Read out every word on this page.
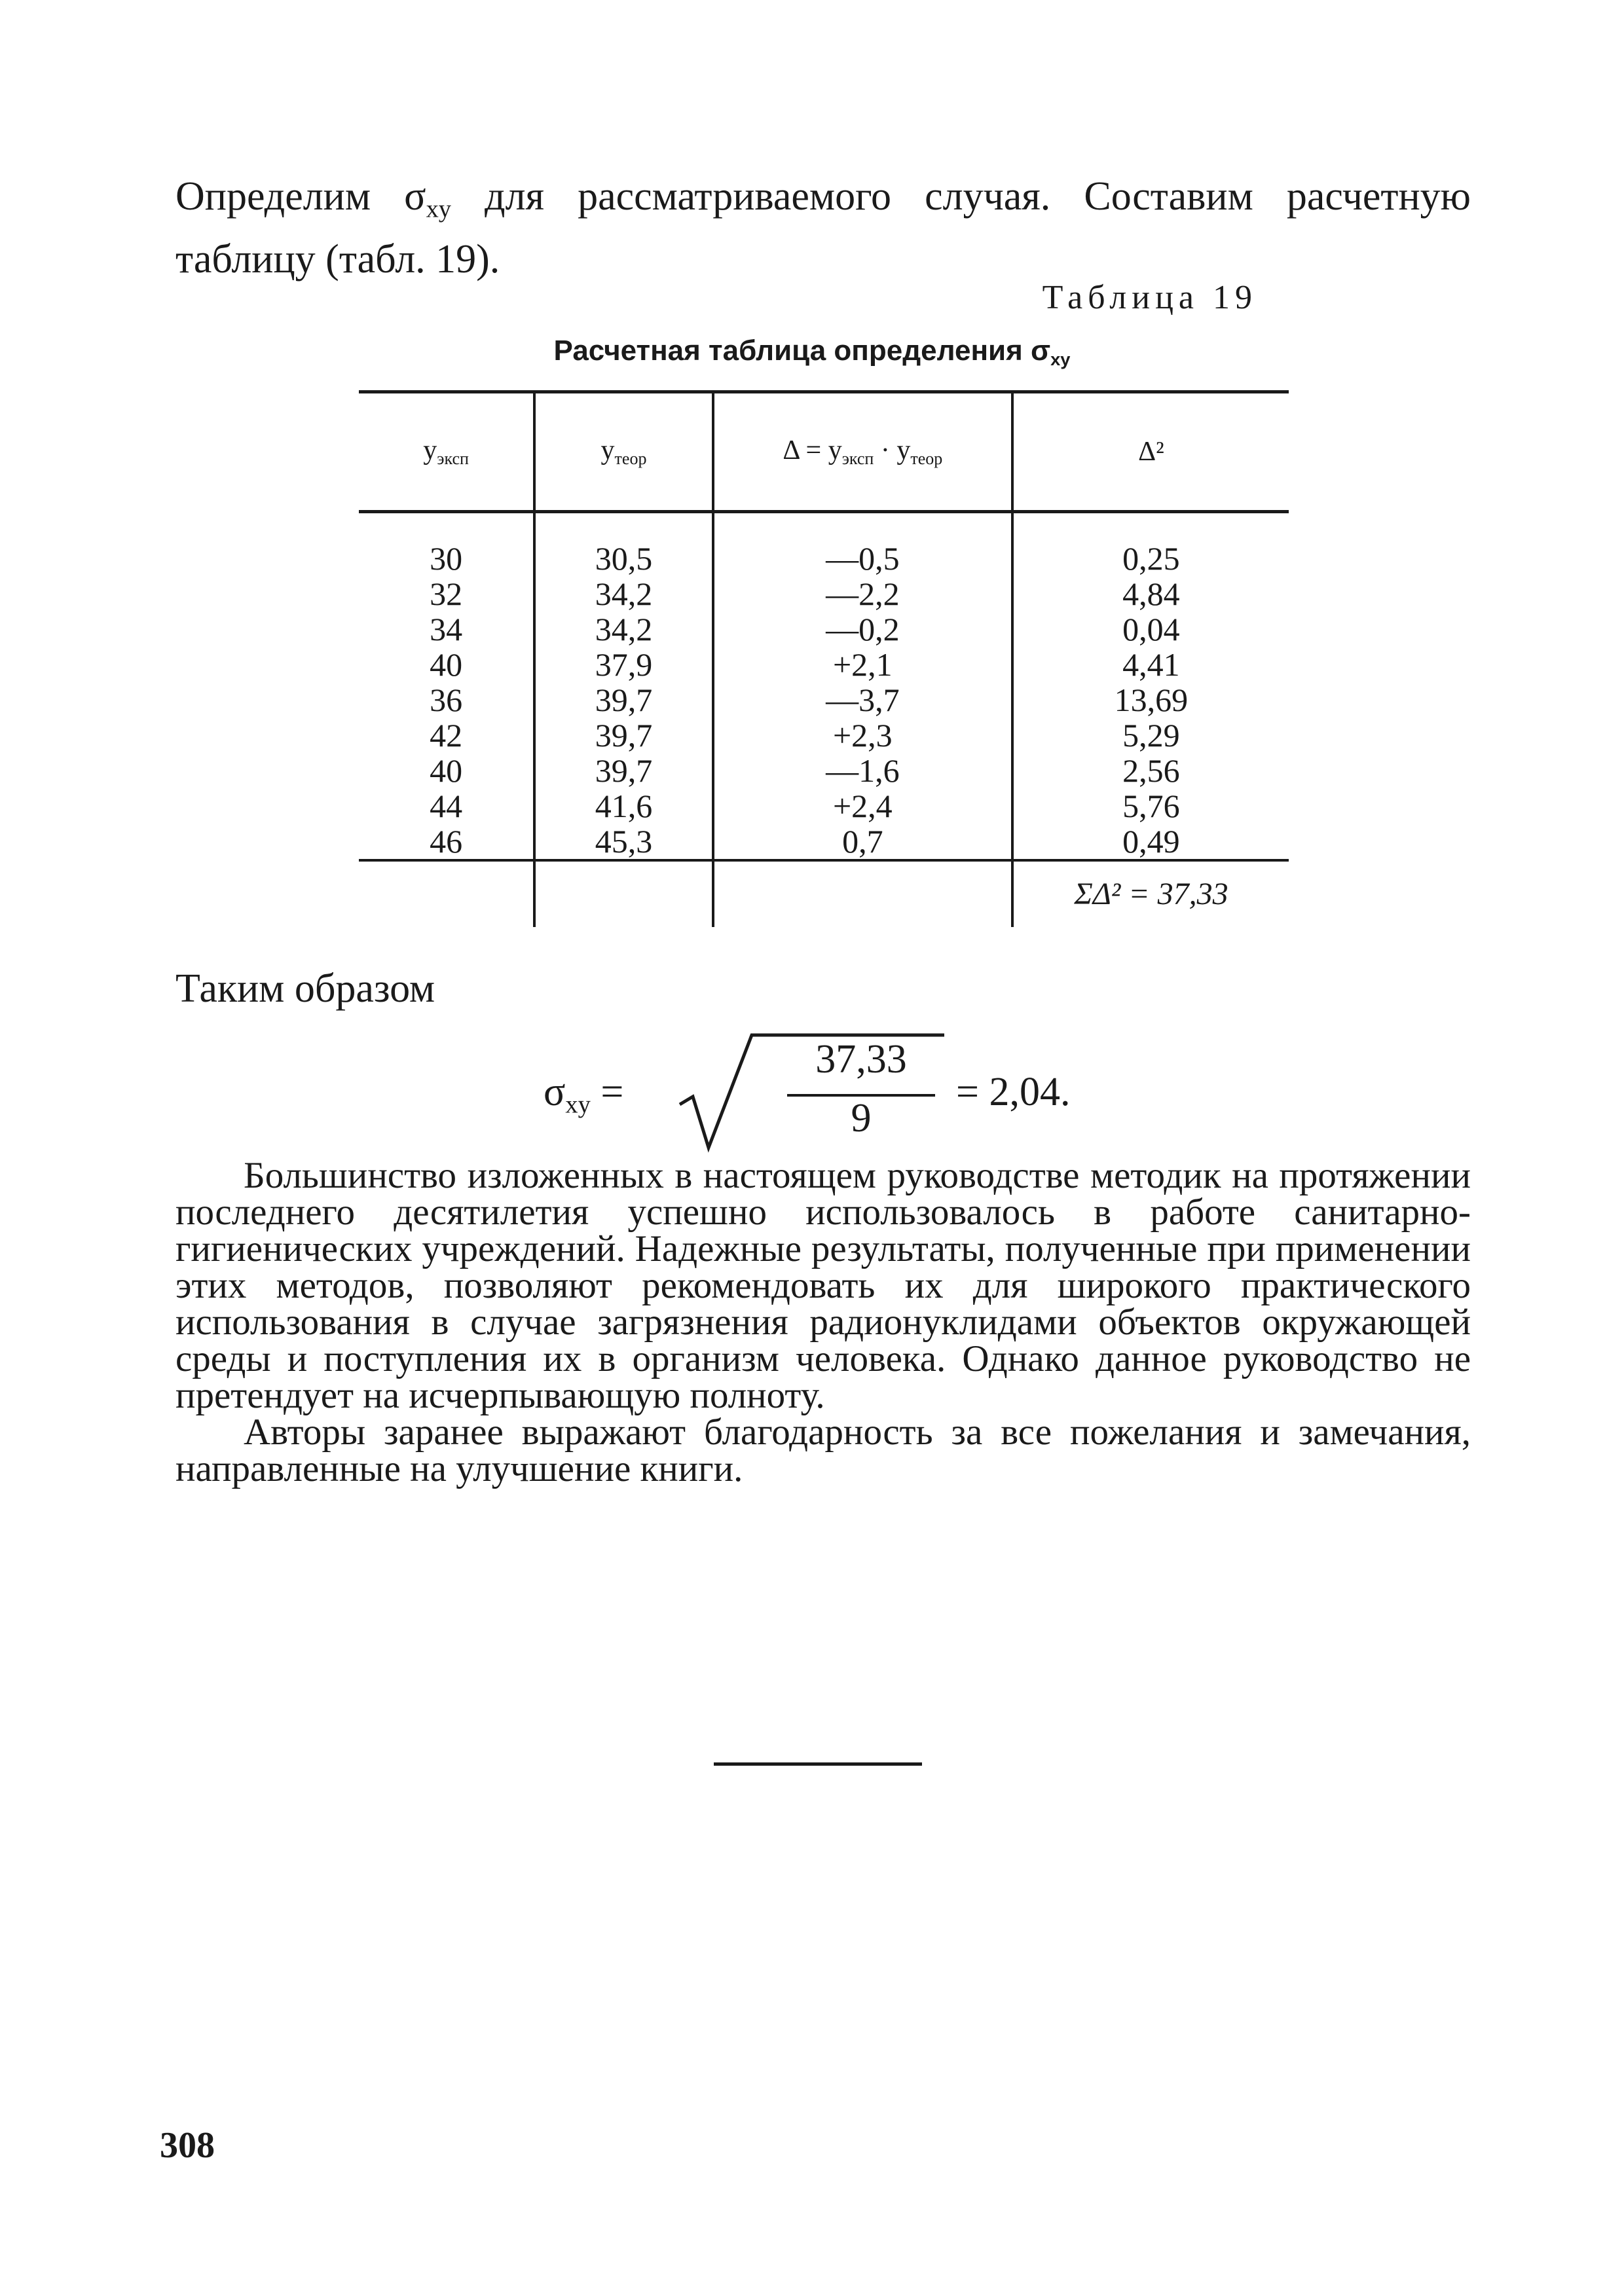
Определим $\sigma_{xy}$ для рассматриваемого случая. Составим расчетную таблицу (табл. 19).
Таблица 19
Расчетная таблица определения $\sigma_{xy}$
$y_{эксп}$	$y_{теор}$	$\Delta = y_{эксп} \cdot y_{теор}$	Δ²
30	30,5	—0,5	0,25
32	34,2	—2,2	4,84
34	34,2	—0,2	0,04
40	37,9	+2,1	4,41
36	39,7	—3,7	13,69
42	39,7	+2,3	5,29
40	39,7	—1,6	2,56
44	41,6	+2,4	5,76
46	45,3	0,7	0,49
			ΣΔ² = 37,33
Таким образом
$\sigma_{xy}$ =
37,33
9
= 2,04.

Большинство изложенных в настоящем руководстве методик на протяжении последнего десятилетия успешно использовалось в работе санитарно-гигиенических учреждений. Надежные результаты, полученные при применении этих методов, позволяют рекомендовать их для широкого практического использования в случае загрязнения радионуклидами объектов окружающей среды и поступления их в организм человека. Однако данное руководство не претендует на исчерпывающую полноту.

Авторы заранее выражают благодарность за все пожелания и замечания, направленные на улучшение книги.

308
